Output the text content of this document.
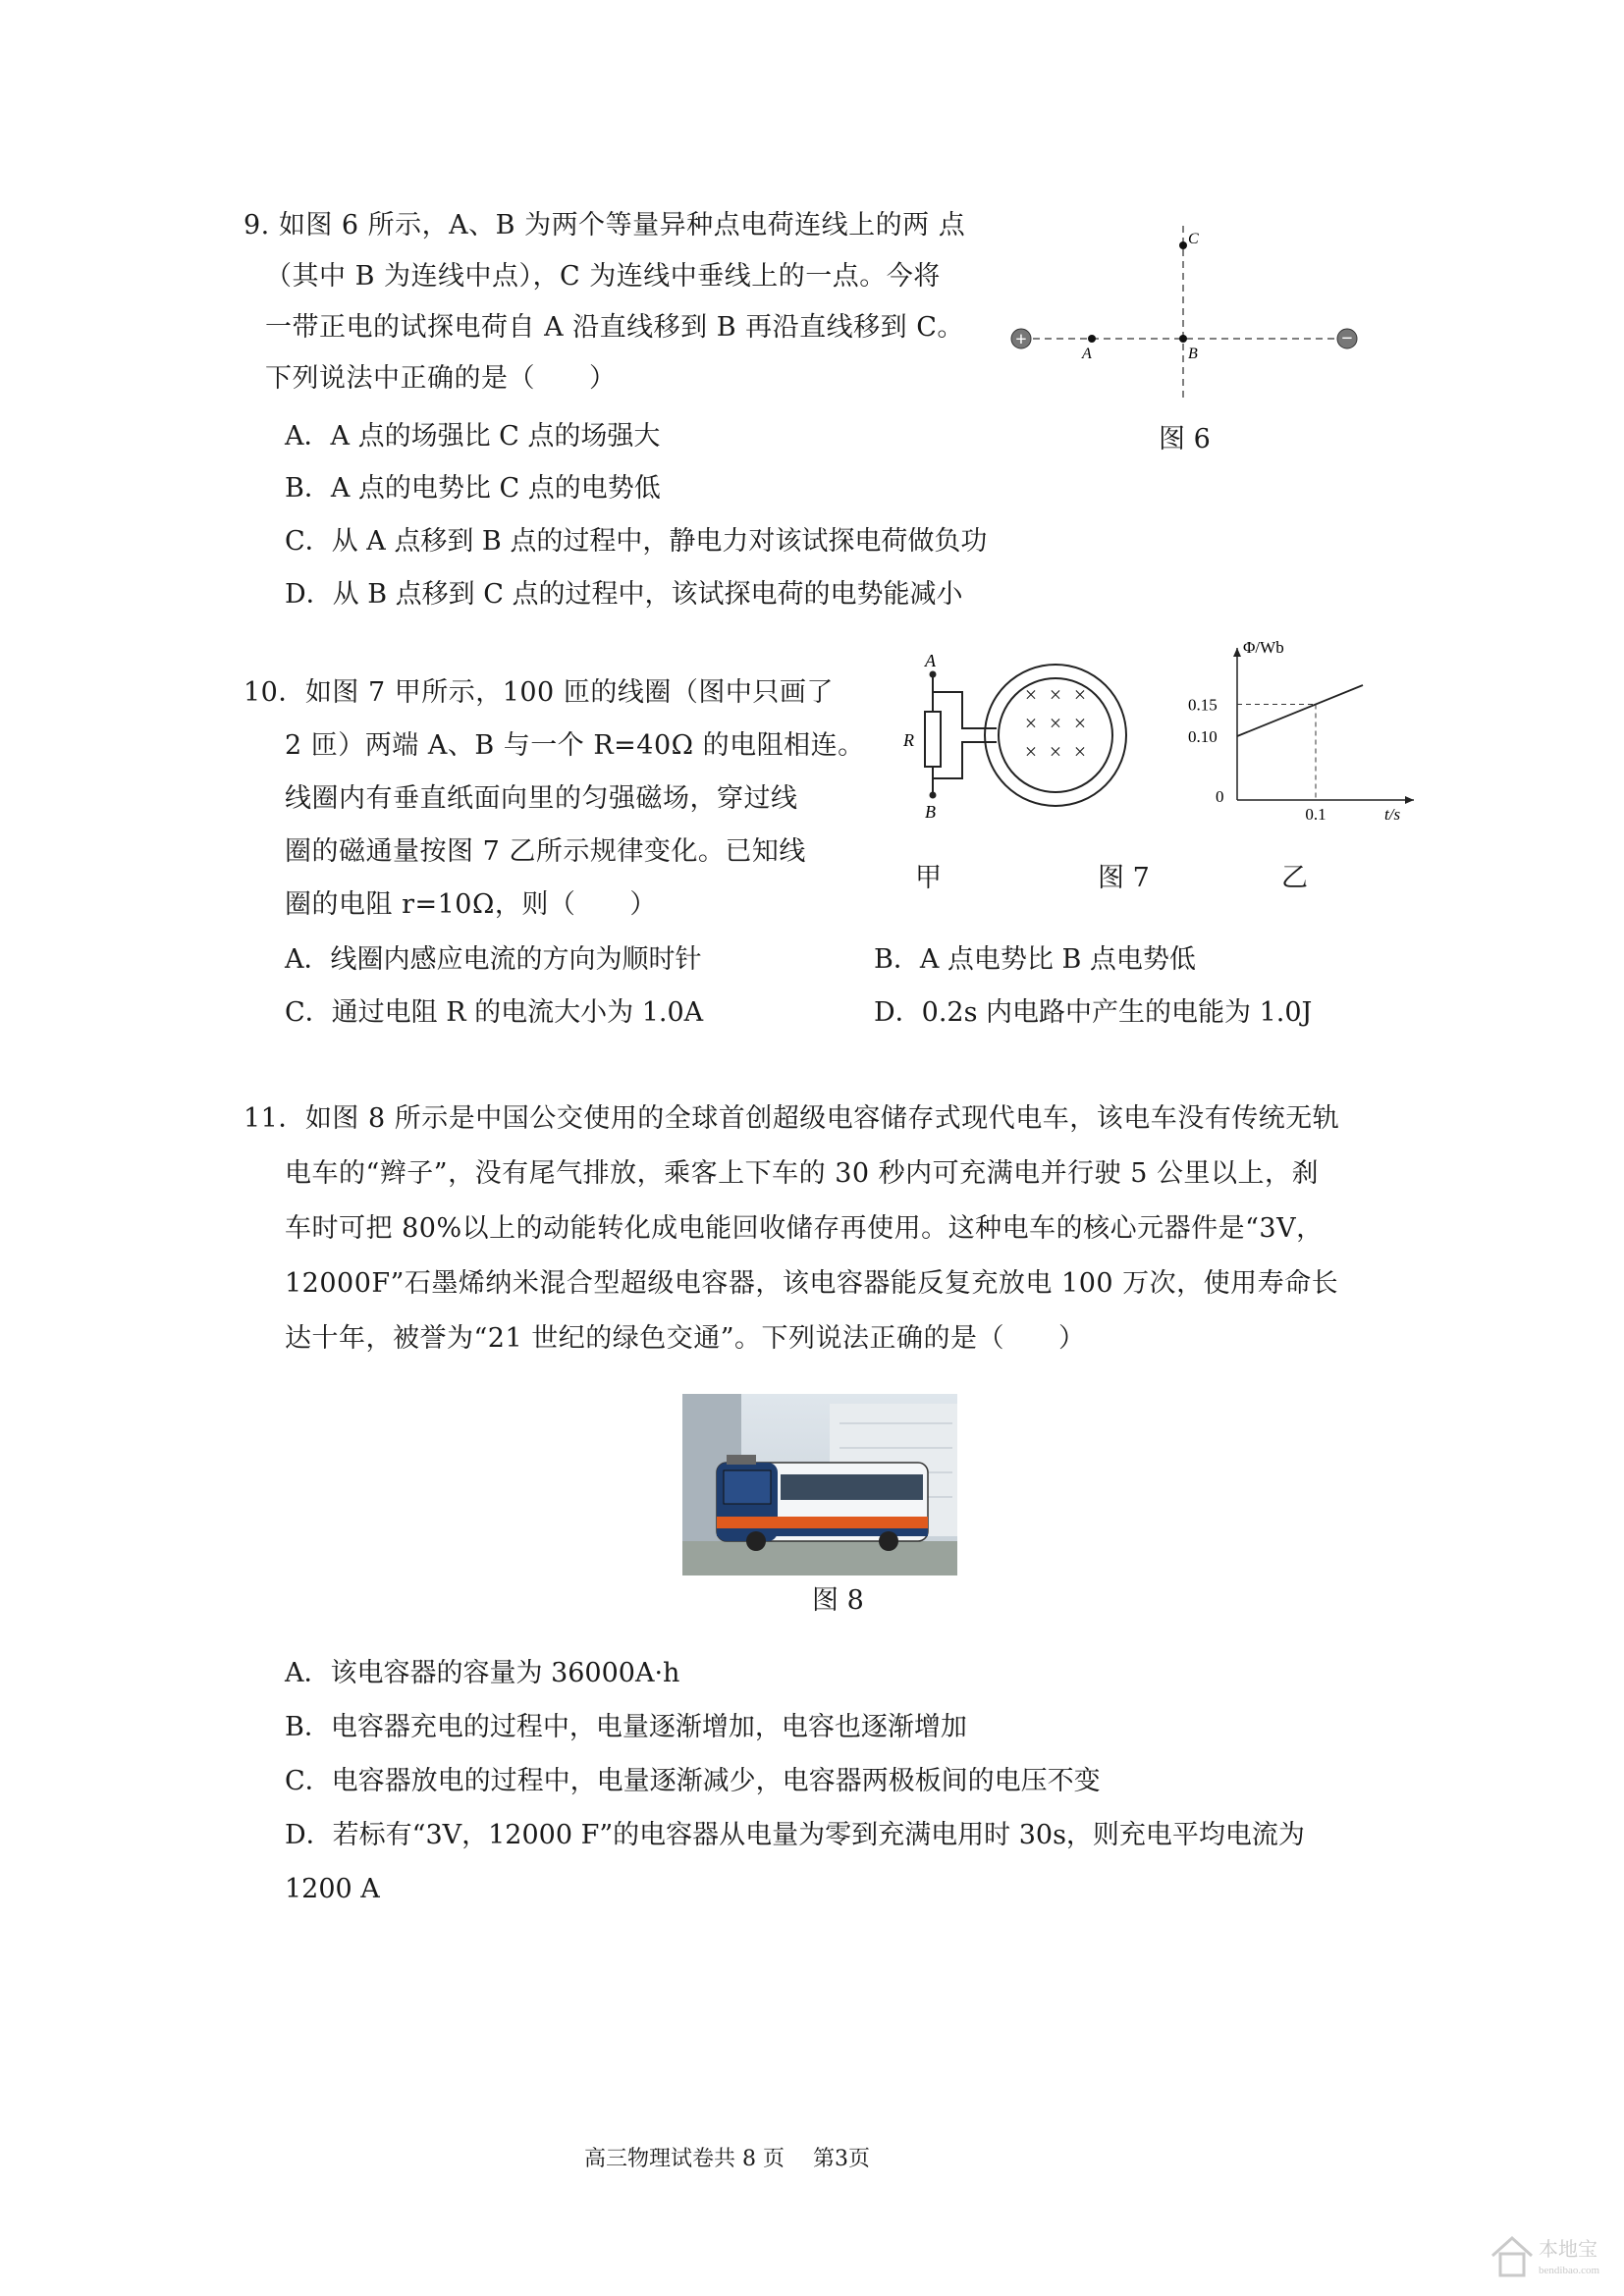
9. 如图 6 所示，A、B 为两个等量异种点电荷连线上的两 点
（其中 B 为连线中点），C 为连线中垂线上的一点。今将
一带正电的试探电荷自 A 沿直线移到 B 再沿直线移到 C。
下列说法中正确的是（　　）
A．A 点的场强比 C 点的场强大
B．A 点的电势比 C 点的电势低
C．从 A 点移到 B 点的过程中，静电力对该试探电荷做负功
D．从 B 点移到 C 点的过程中，该试探电荷的电势能减小
+	−
A	B
C
图 6
10．如图 7 甲所示，100 匝的线圈（图中只画了
2 匝）两端 A、B 与一个 R=40Ω 的电阻相连。
线圈内有垂直纸面向里的匀强磁场，穿过线
圈的磁通量按图 7 乙所示规律变化。已知线
圈的电阻 r=10Ω，则（　　）
A．线圈内感应电流的方向为顺时针	B．A 点电势比 B 点电势低
C．通过电阻 R 的电流大小为 1.0A	D．0.2s 内电路中产生的电能为 1.0J
A
B
R
× × ×
× × ×
× × ×
Φ/Wb
t/s
0
0.15
0.10
0.1
甲	图 7	乙
11．如图 8 所示是中国公交使用的全球首创超级电容储存式现代电车，该电车没有传统无轨
电车的“辫子”，没有尾气排放，乘客上下车的 30 秒内可充满电并行驶 5 公里以上，刹
车时可把 80%以上的动能转化成电能回收储存再使用。这种电车的核心元器件是“3V，
12000F”石墨烯纳米混合型超级电容器，该电容器能反复充放电 100 万次，使用寿命长
达十年，被誉为“21 世纪的绿色交通”。下列说法正确的是（　　）
图 8
A．该电容器的容量为 36000A·h
B．电容器充电的过程中，电量逐渐增加，电容也逐渐增加
C．电容器放电的过程中，电量逐渐减少，电容器两极板间的电压不变
D．若标有“3V，12000 F”的电容器从电量为零到充满电用时 30s，则充电平均电流为
1200 A
高三物理试卷共 8 页　 第3页
本地宝
bendibao.com
